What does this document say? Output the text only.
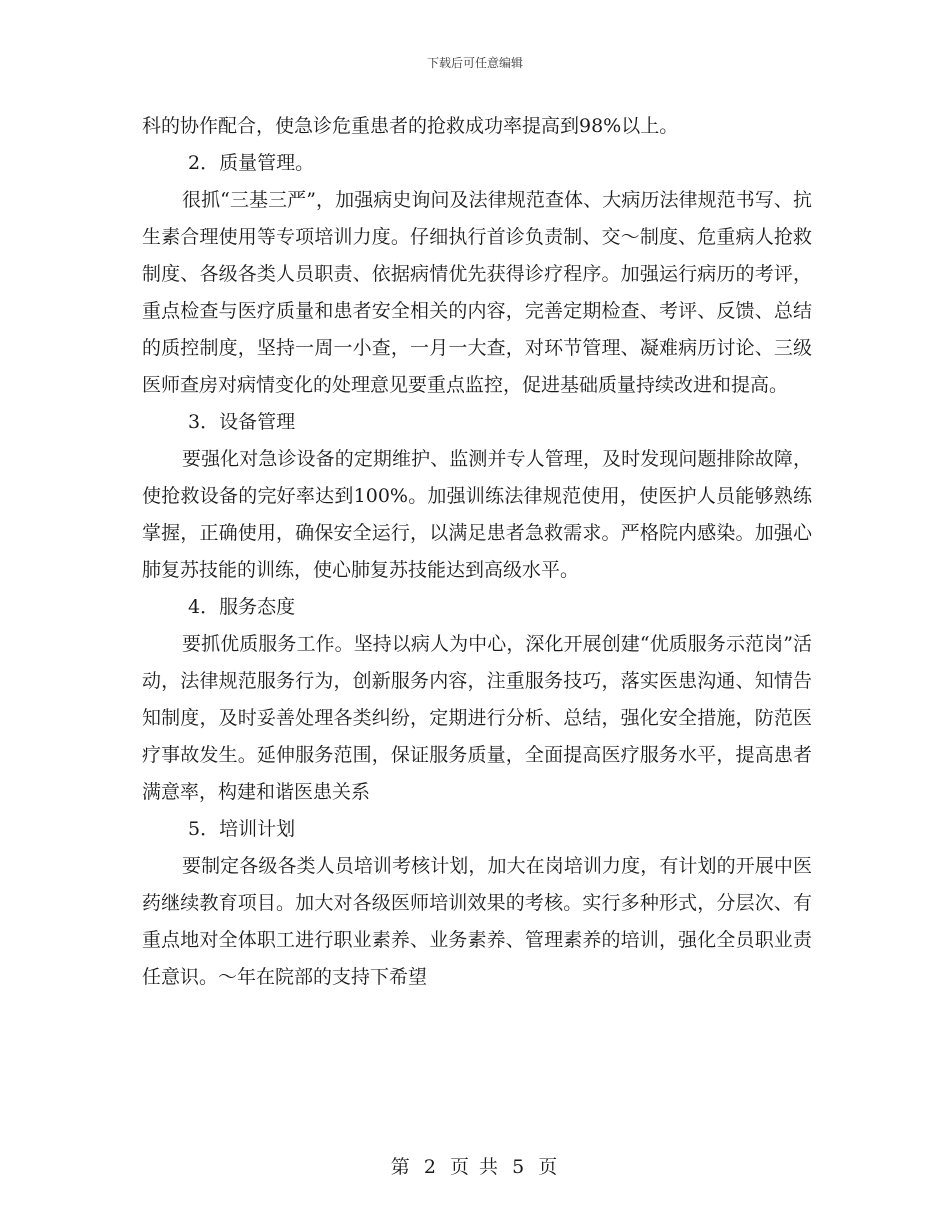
下载后可任意编辑

科的协作配合，使急诊危重患者的抢救成功率提高到98%以上。

2．质量管理。

很抓“三基三严”，加强病史询问及法律规范查体、大病历法律规范书写、抗生素合理使用等专项培训力度。仔细执行首诊负责制、交～制度、危重病人抢救制度、各级各类人员职责、依据病情优先获得诊疗程序。加强运行病历的考评，重点检查与医疗质量和患者安全相关的内容，完善定期检查、考评、反馈、总结的质控制度，坚持一周一小查，一月一大查，对环节管理、凝难病历讨论、三级医师查房对病情变化的处理意见要重点监控，促进基础质量持续改进和提高。

3．设备管理

要强化对急诊设备的定期维护、监测并专人管理，及时发现问题排除故障，使抢救设备的完好率达到100%。加强训练法律规范使用，使医护人员能够熟练掌握，正确使用，确保安全运行，以满足患者急救需求。严格院内感染。加强心肺复苏技能的训练，使心肺复苏技能达到高级水平。

4．服务态度

要抓优质服务工作。坚持以病人为中心，深化开展创建“优质服务示范岗”活动，法律规范服务行为，创新服务内容，注重服务技巧，落实医患沟通、知情告知制度，及时妥善处理各类纠纷，定期进行分析、总结，强化安全措施，防范医疗事故发生。延伸服务范围，保证服务质量，全面提高医疗服务水平，提高患者满意率，构建和谐医患关系

5．培训计划

要制定各级各类人员培训考核计划，加大在岗培训力度，有计划的开展中医药继续教育项目。加大对各级医师培训效果的考核。实行多种形式，分层次、有重点地对全体职工进行职业素养、业务素养、管理素养的培训，强化全员职业责任意识。～年在院部的支持下希望

第 2 页 共 5 页
